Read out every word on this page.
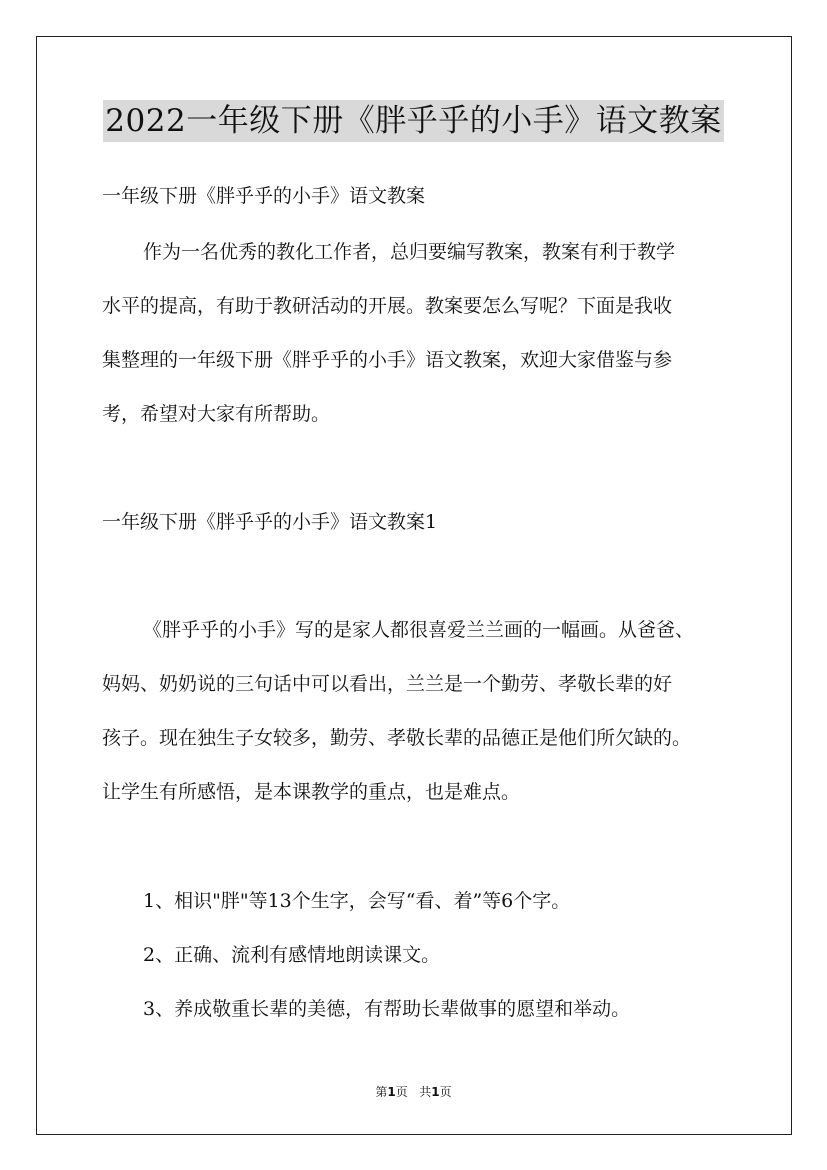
2022一年级下册《胖乎乎的小手》语文教案
一年级下册《胖乎乎的小手》语文教案
作为一名优秀的教化工作者，总归要编写教案，教案有利于教学
水平的提高，有助于教研活动的开展。教案要怎么写呢？下面是我收
集整理的一年级下册《胖乎乎的小手》语文教案，欢迎大家借鉴与参
考，希望对大家有所帮助。
一年级下册《胖乎乎的小手》语文教案1
《胖乎乎的小手》写的是家人都很喜爱兰兰画的一幅画。从爸爸、
妈妈、奶奶说的三句话中可以看出，兰兰是一个勤劳、孝敬长辈的好
孩子。现在独生子女较多，勤劳、孝敬长辈的品德正是他们所欠缺的。
让学生有所感悟，是本课教学的重点，也是难点。
1、相识"胖"等13个生字，会写“看、着”等6个字。
2、正确、流利有感情地朗读课文。
3、养成敬重长辈的美德，有帮助长辈做事的愿望和举动。
第1页 共1页
